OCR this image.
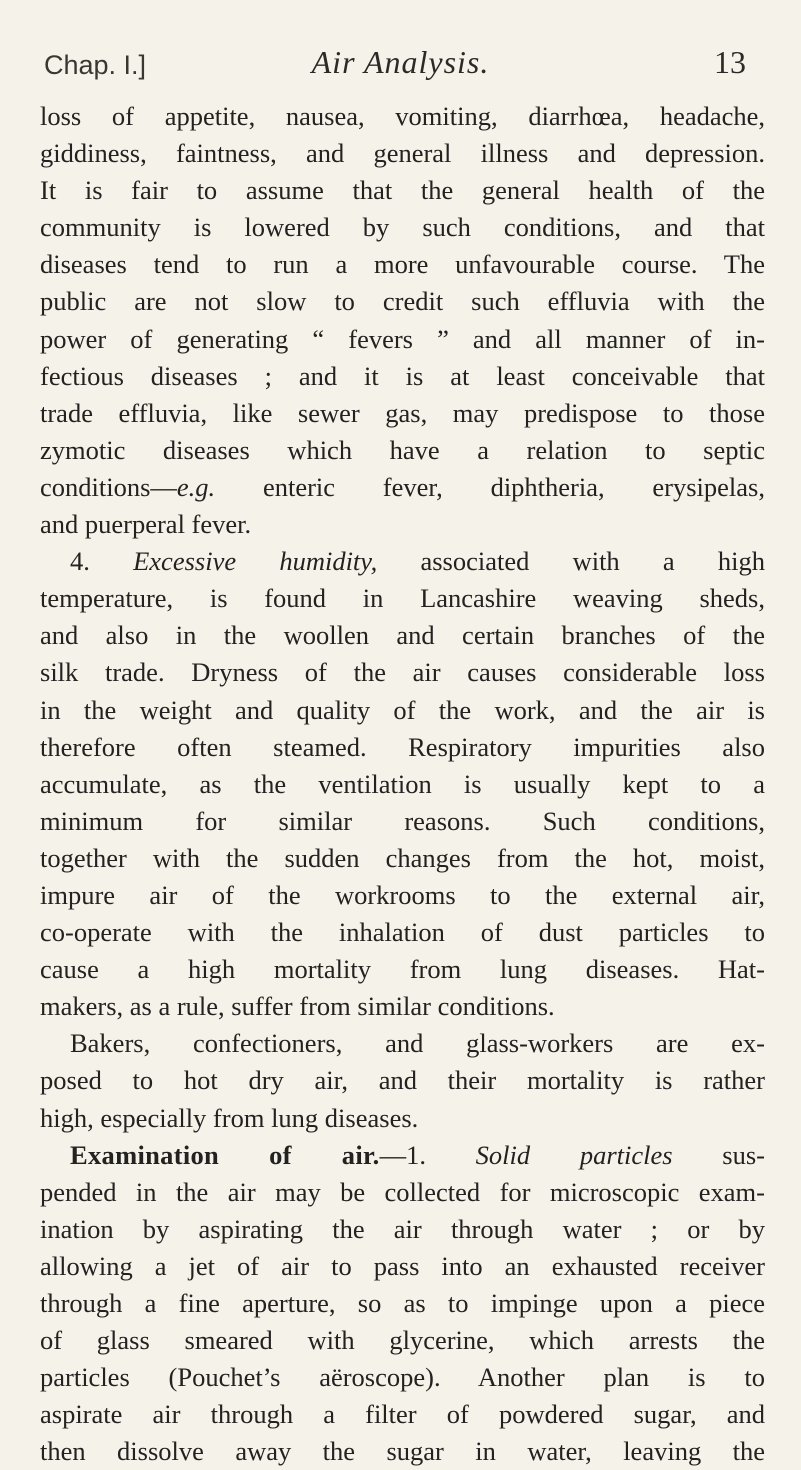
Chap. I.]	Air Analysis.	13
loss of appetite, nausea, vomiting, diarrhœa, headache,
giddiness, faintness, and general illness and depression.
It is fair to assume that the general health of the
community is lowered by such conditions, and that
diseases tend to run a more unfavourable course. The
public are not slow to credit such effluvia with the
power of generating “ fevers ” and all manner of in-
fectious diseases ; and it is at least conceivable that
trade effluvia, like sewer gas, may predispose to those
zymotic diseases which have a relation to septic
conditions—e.g. enteric fever, diphtheria, erysipelas,
and puerperal fever.
4. Excessive humidity, associated with a high
temperature, is found in Lancashire weaving sheds,
and also in the woollen and certain branches of the
silk trade. Dryness of the air causes considerable loss
in the weight and quality of the work, and the air is
therefore often steamed. Respiratory impurities also
accumulate, as the ventilation is usually kept to a
minimum for similar reasons. Such conditions,
together with the sudden changes from the hot, moist,
impure air of the workrooms to the external air,
co-operate with the inhalation of dust particles to
cause a high mortality from lung diseases. Hat-
makers, as a rule, suffer from similar conditions.
Bakers, confectioners, and glass-workers are ex-
posed to hot dry air, and their mortality is rather
high, especially from lung diseases.
Examination of air.—1. Solid particles sus-
pended in the air may be collected for microscopic exam-
ination by aspirating the air through water ; or by
allowing a jet of air to pass into an exhausted receiver
through a fine aperture, so as to impinge upon a piece
of glass smeared with glycerine, which arrests the
particles (Pouchet’s aëroscope). Another plan is to
aspirate air through a filter of powdered sugar, and
then dissolve away the sugar in water, leaving the
